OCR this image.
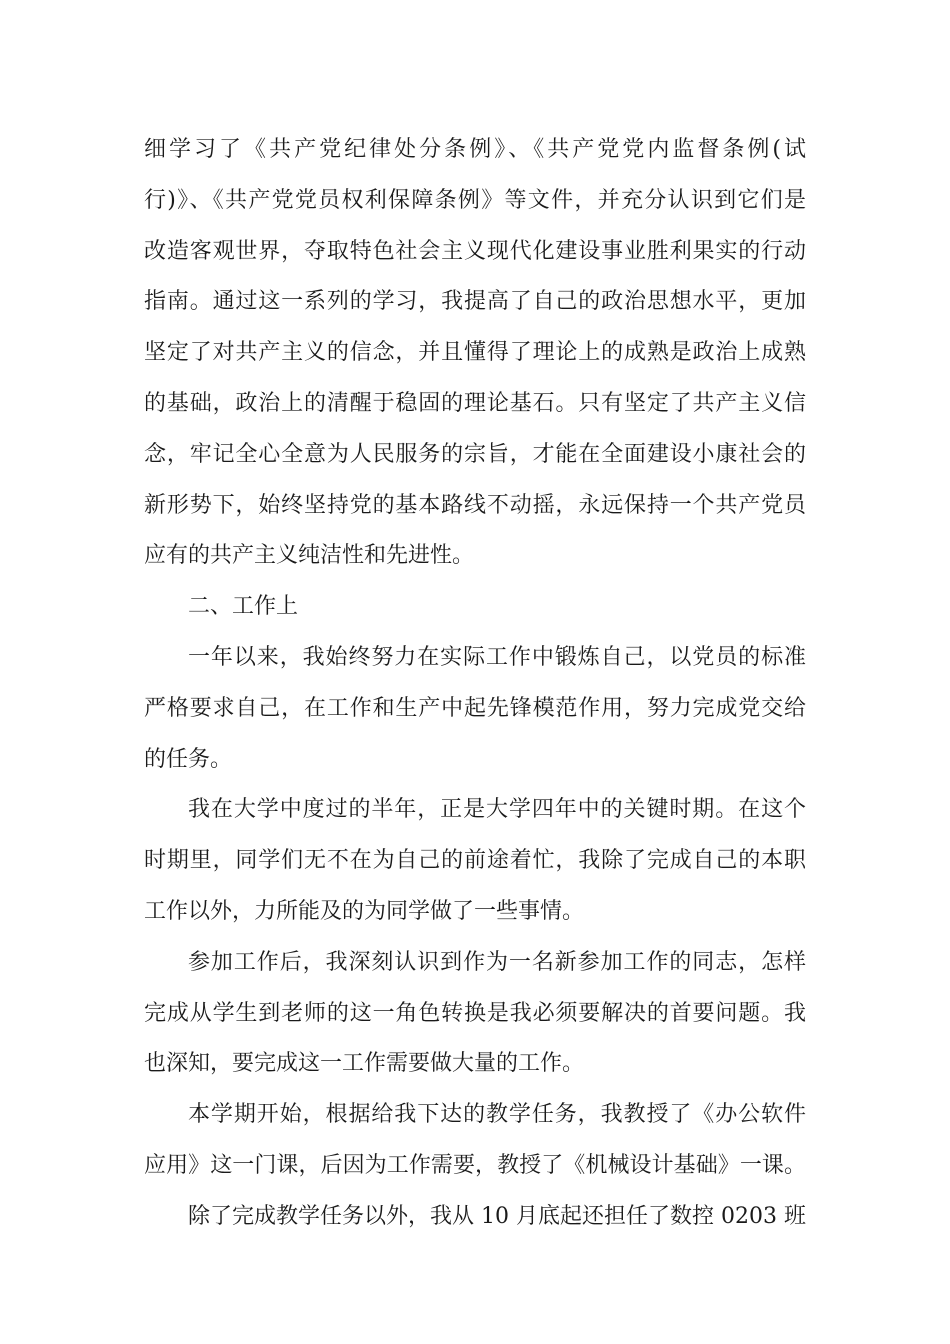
细学习了《共产党纪律处分条例》、《共产党党内监督条例(试
行)》、《共产党党员权利保障条例》等文件，并充分认识到它们是
改造客观世界，夺取特色社会主义现代化建设事业胜利果实的行动
指南。通过这一系列的学习，我提高了自己的政治思想水平，更加
坚定了对共产主义的信念，并且懂得了理论上的成熟是政治上成熟
的基础，政治上的清醒于稳固的理论基石。只有坚定了共产主义信
念，牢记全心全意为人民服务的宗旨，才能在全面建设小康社会的
新形势下，始终坚持党的基本路线不动摇，永远保持一个共产党员
应有的共产主义纯洁性和先进性。
二、工作上
一年以来，我始终努力在实际工作中锻炼自己，以党员的标准
严格要求自己，在工作和生产中起先锋模范作用，努力完成党交给
的任务。
我在大学中度过的半年，正是大学四年中的关键时期。在这个
时期里，同学们无不在为自己的前途着忙，我除了完成自己的本职
工作以外，力所能及的为同学做了一些事情。
参加工作后，我深刻认识到作为一名新参加工作的同志，怎样
完成从学生到老师的这一角色转换是我必须要解决的首要问题。我
也深知，要完成这一工作需要做大量的工作。
本学期开始，根据给我下达的教学任务，我教授了《办公软件
应用》这一门课，后因为工作需要，教授了《机械设计基础》一课。
除了完成教学任务以外，我从 10 月底起还担任了数控 0203 班
